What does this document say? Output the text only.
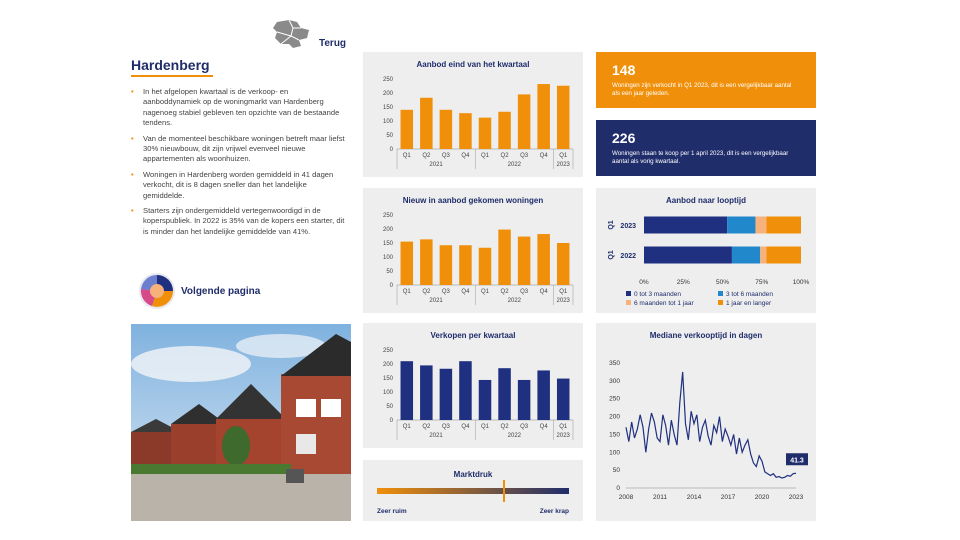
Terug
Hardenberg
• In het afgelopen kwartaal is de verkoop- en aanboddynamiek op de woningmarkt van Hardenberg nagenoeg stabiel gebleven ten opzichte van de bestaande tendens.
• Van de momenteel beschikbare woningen betreft maar liefst 30% nieuwbouw, dit zijn vrijwel evenveel nieuwe appartementen als woonhuizen.
• Woningen in Hardenberg worden gemiddeld in 41 dagen verkocht, dit is 8 dagen sneller dan het landelijke gemiddelde.
• Starters zijn ondergemiddeld vertegenwoordigd in de koperspubliek. In 2022 is 35% van de kopers een starter, dit is minder dan het landelijke gemiddelde van 41%.
Volgende pagina
Aanbod eind van het kwartaal
0
50
100
150
200
250
Q1 Q2 Q3 Q4 Q1 Q2 Q3 Q4 Q1
2021	2022	2023
Nieuw in aanbod gekomen woningen
0
50
100
150
200
250
Q1 Q2 Q3 Q4 Q1 Q2 Q3 Q4 Q1
2021	2022	2023
Verkopen per kwartaal
0
50
100
150
200
250
Q1 Q2 Q3 Q4 Q1 Q2 Q3 Q4 Q1
2021	2022	2023
Marktdruk
Zeer ruim	Zeer krap
148
Woningen zijn verkocht in Q1 2023, dit is een vergelijkbaar aantal als een jaar geleden.
226
Woningen staan te koop per 1 april 2023, dit is een vergelijkbaar aantal als vorig kwartaal.
Aanbod naar looptijd
2023
Q1
2022
Q1
0%	25%	50%	75%	100%
0 tot 3 maanden	3 tot 6 maanden
6 maanden tot 1 jaar	1 jaar en langer
Mediane verkooptijd in dagen
0
50
100
150
200
250
300
350
2008	2011	2014	2017	2020	2023
41.3
